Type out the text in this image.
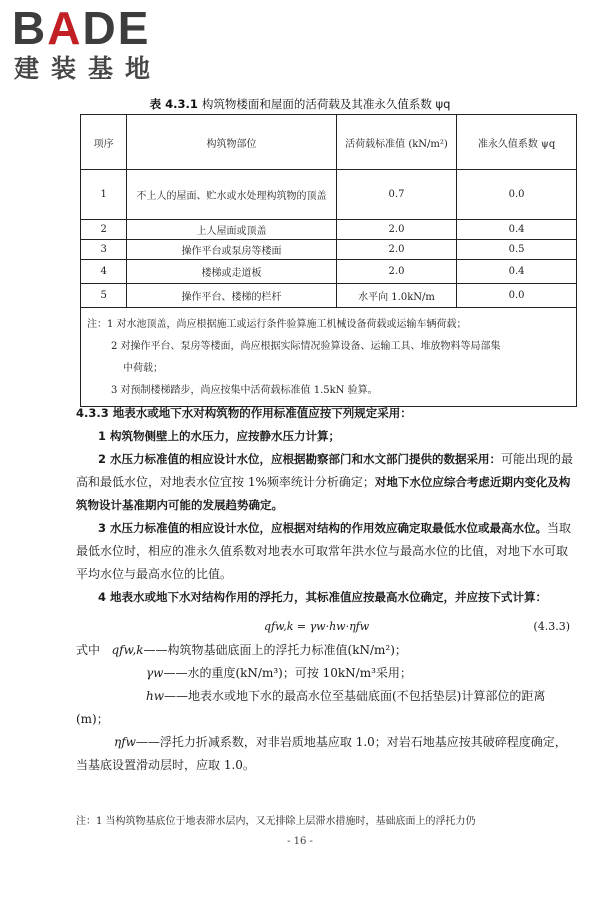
BADE
建装基地
表 4.3.1 构筑物楼面和屋面的活荷载及其准永久值系数 ψq
项序	构筑物部位	活荷载标准值 (kN/m²)	准永久值系数 ψq
1	不上人的屋面、贮水或水处理构筑物的顶盖	0.7	0.0
2	上人屋面或顶盖	2.0	0.4
3	操作平台或泵房等楼面	2.0	0.5
4	楼梯或走道板	2.0	0.4
5	操作平台、楼梯的栏杆	水平向 1.0kN/m	0.0

注：1 对水池顶盖，尚应根据施工或运行条件验算施工机械设备荷载或运输车辆荷载；
2 对操作平台、泵房等楼面，尚应根据实际情况验算设备、运输工具、堆放物料等局部集
中荷载；
3 对预制楼梯踏步，尚应按集中活荷载标准值 1.5kN 验算。			

4.3.3 地表水或地下水对构筑物的作用标准值应按下列规定采用：

1 构筑物侧壁上的水压力，应按静水压力计算；

2 水压力标准值的相应设计水位，应根据勘察部门和水文部门提供的数据采用：可能出现的最高和最低水位，对地表水位宜按 1%频率统计分析确定；对地下水位应综合考虑近期内变化及构筑物设计基准期内可能的发展趋势确定。

3 水压力标准值的相应设计水位，应根据对结构的作用效应确定取最低水位或最高水位。当取最低水位时，相应的准永久值系数对地表水可取常年洪水位与最高水位的比值，对地下水可取平均水位与最高水位的比值。

4 地表水或地下水对结构作用的浮托力，其标准值应按最高水位确定，并应按下式计算：

qfw,k = γw·hw·ηfw	(4.3.3)

式中 qfw,k——构筑物基础底面上的浮托力标准值(kN/m²)；

γw——水的重度(kN/m³)；可按 10kN/m³采用；

hw——地表水或地下水的最高水位至基础底面(不包括垫层)计算部位的距离(m)；

ηfw——浮托力折减系数，对非岩质地基应取 1.0；对岩石地基应按其破碎程度确定，当基底设置滑动层时，应取 1.0。

注：1 当构筑物基底位于地表滞水层内，又无排除上层滞水措施时，基础底面上的浮托力仍
- 16 -
